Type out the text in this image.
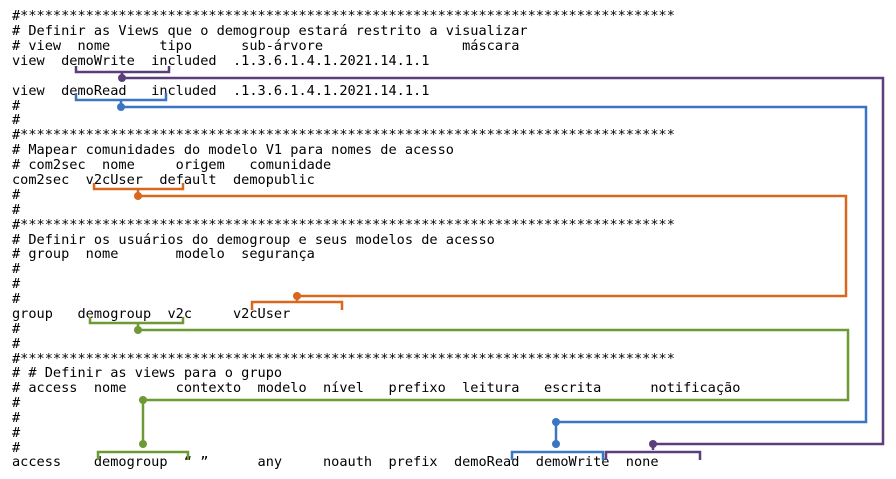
#********************************************************************************
# Definir as Views que o demogroup estará restrito a visualizar
# view  nome      tipo      sub-árvore                 máscara
view  demoWrite  included  .1.3.6.1.4.1.2021.14.1.1
view  demoRead   included  .1.3.6.1.4.1.2021.14.1.1
#
#
#********************************************************************************
# Mapear comunidades do modelo V1 para nomes de acesso
# com2sec  nome     origem   comunidade
com2sec  v2cUser  default  demopublic
#
#
#********************************************************************************
# Definir os usuários do demogroup e seus modelos de acesso
# group  nome       modelo  segurança
#
#
#
group   demogroup  v2c     v2cUser
#
#
#********************************************************************************
# # Definir as views para o grupo
# access  nome      contexto  modelo  nível   prefixo  leitura   escrita      notificação
#
#
#
#
access    demogroup  “ ”      any     noauth  prefix  demoRead  demoWrite  none
